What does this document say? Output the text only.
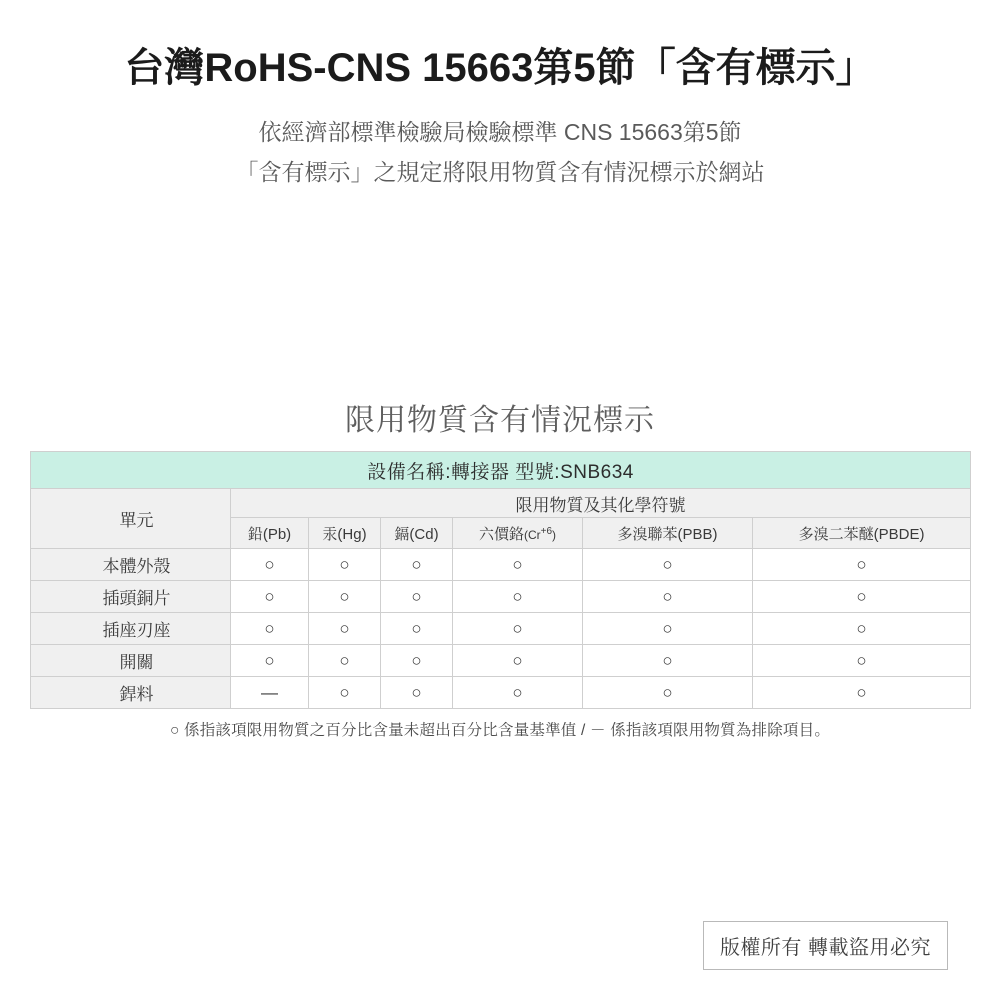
台灣RoHS-CNS 15663第5節「含有標示」
依經濟部標準檢驗局檢驗標準 CNS 15663第5節
「含有標示」之規定將限用物質含有情況標示於網站
限用物質含有情況標示
設備名稱:轉接器 型號:SNB634						
單元	限用物質及其化學符號					
	鉛(Pb)	汞(Hg)	鎘(Cd)	六價鉻$(Cr^{+6})$	多溴聯苯(PBB)	多溴二苯醚(PBDE)
本體外殼	○	○	○	○	○	○
插頭銅片	○	○	○	○	○	○
插座刃座	○	○	○	○	○	○
開關	○	○	○	○	○	○
銲料	—	○	○	○	○	○
○ 係指該項限用物質之百分比含量未超出百分比含量基準值 / － 係指該項限用物質為排除項目。
版權所有 轉載盜用必究
